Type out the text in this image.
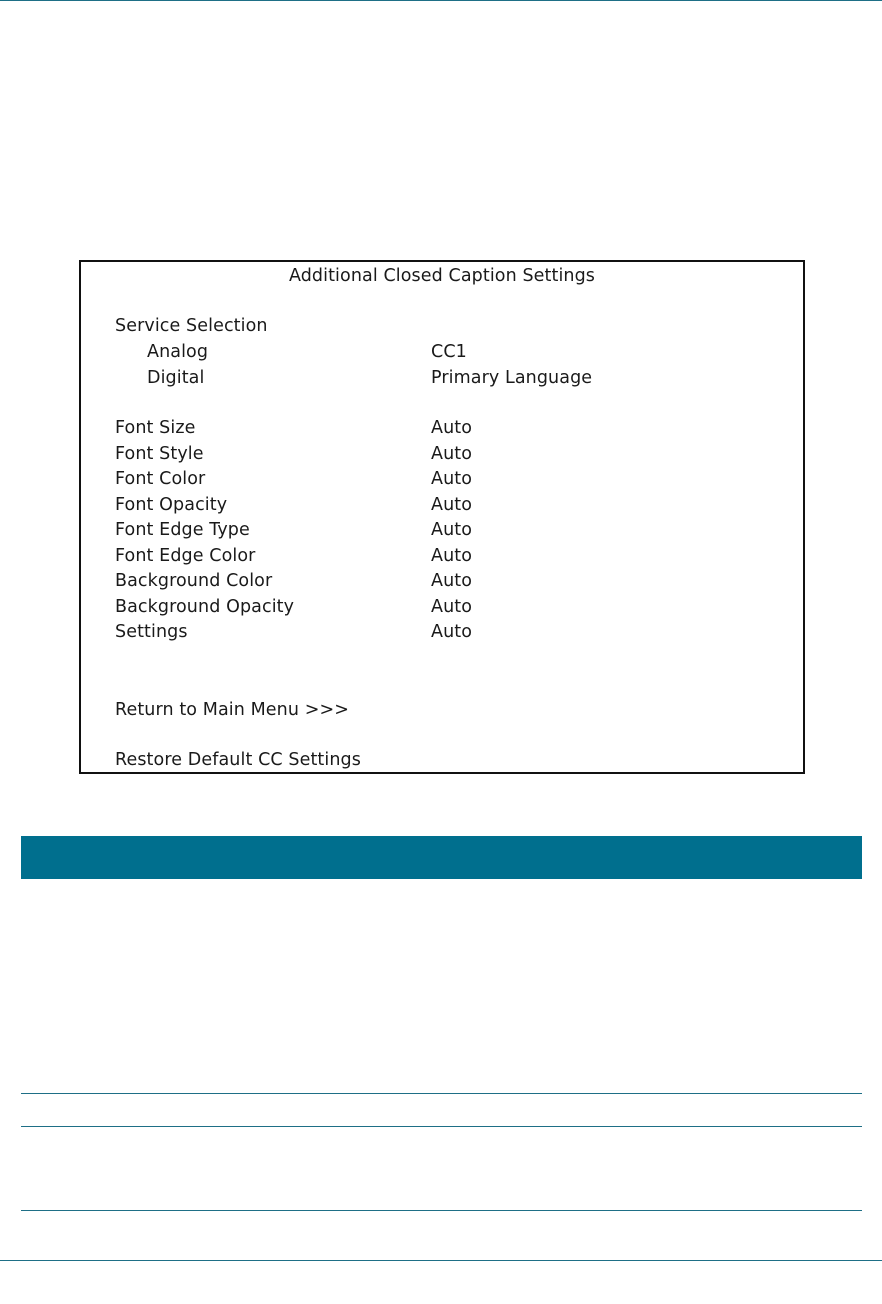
Additional Closed Caption Settings
Service Selection
Analog	CC1
Digital	Primary Language
Font Size	Auto
Font Style	Auto
Font Color	Auto
Font Opacity	Auto
Font Edge Type	Auto
Font Edge Color	Auto
Background Color	Auto
Background Opacity	Auto
Settings	Auto
Return to Main Menu >>>
Restore Default CC Settings
